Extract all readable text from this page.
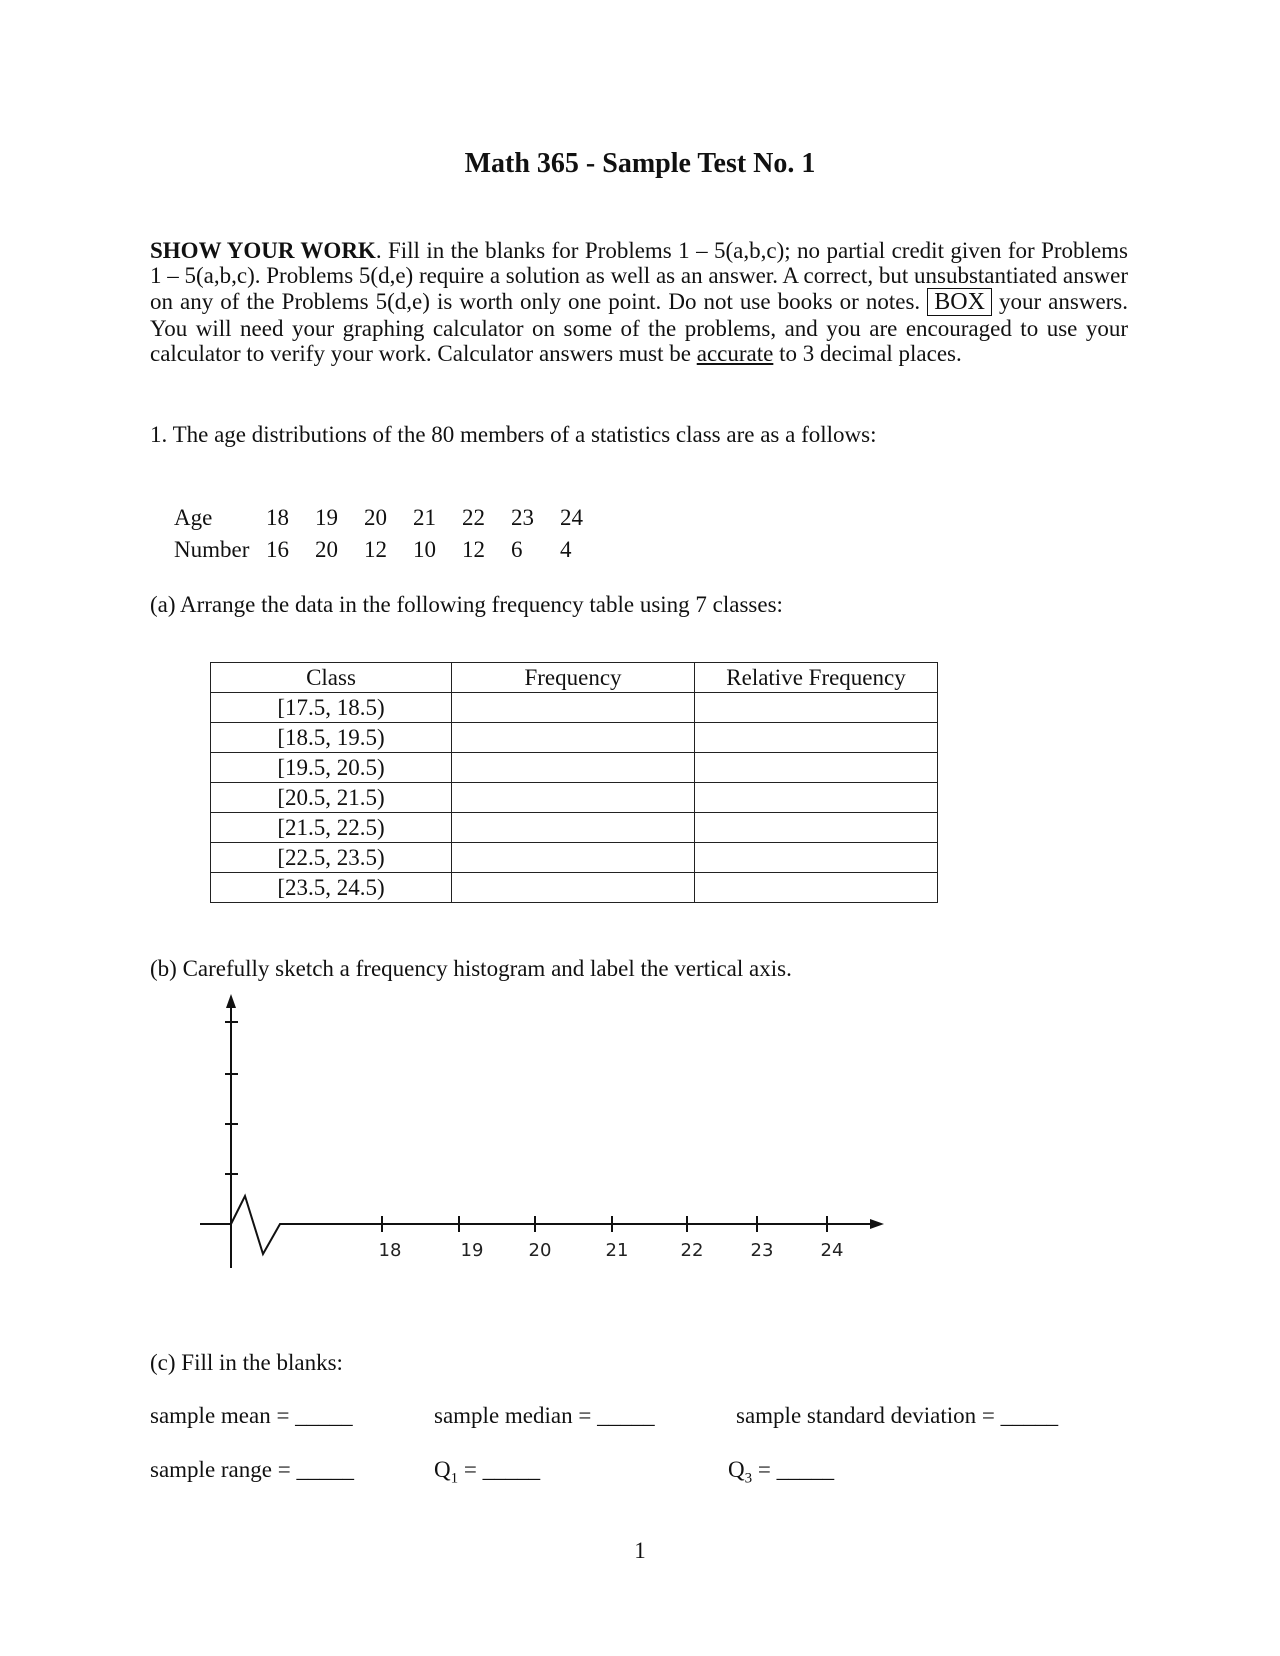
Math 365 - Sample Test No. 1
SHOW YOUR WORK. Fill in the blanks for Problems 1 – 5(a,b,c); no partial credit given for Problems 1 – 5(a,b,c). Problems 5(d,e) require a solution as well as an answer. A correct, but unsubstantiated answer on any of the Problems 5(d,e) is worth only one point. Do not use books or notes. BOX your answers. You will need your graphing calculator on some of the problems, and you are encouraged to use your calculator to verify your work. Calculator answers must be accurate to 3 decimal places.
1. The age distributions of the 80 members of a statistics class are as a follows:
Age	18	19	20	21	22	23	24
Number	16	20	12	10	12	6	4
(a) Arrange the data in the following frequency table using 7 classes:
Class	Frequency	Relative Frequency
[17.5, 18.5)		
[18.5, 19.5)		
[19.5, 20.5)		
[20.5, 21.5)		
[21.5, 22.5)		
[22.5, 23.5)		
[23.5, 24.5)		
(b) Carefully sketch a frequency histogram and label the vertical axis.
18	19	20	21	22	23	24
(c) Fill in the blanks:
sample mean = _____	sample median = _____	sample standard deviation = _____
sample range = _____	$Q_1$ = _____	$Q_3$ = _____
1
